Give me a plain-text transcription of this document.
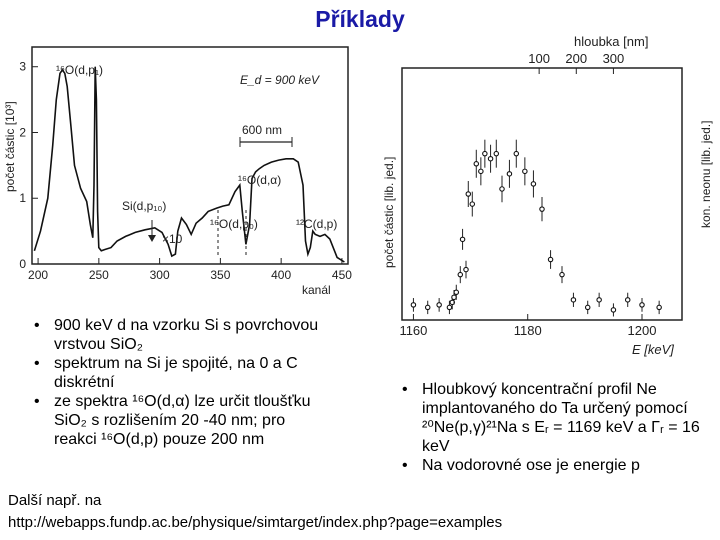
Příklady
200	250	300	350	400	450
0
1
2
3
600 nm
¹⁶O(d,p₁)
E_d = 900 keV
¹⁶O(d,α)
Si(d,p₁₀)
¹⁶O(d,p₀)	¹²C(d,p)
×10
kanál
počet částic [10³]
1160	1180	1200
100 200 300
hloubka [nm]
E [keV]
počet částic [lib. jed.]	kon. neonu [lib. jed.]
• 900 keV d na vzorku Si s povrchovou vrstvou SiO₂
• spektrum na Si je spojité, na 0 a C diskrétní
• ze spektra ¹⁶O(d,α) lze určit tloušťku SiO₂ s rozlišením 20 -40 nm; pro reakci ¹⁶O(d,p) pouze 200 nm
• Hloubkový koncentrační profil Ne implantovaného do Ta určený pomocí ²⁰Ne(p,γ)²¹Na s Eᵣ = 1169 keV a Γᵣ = 16 keV
• Na vodorovné ose je energie p
Další např. na
http://webapps.fundp.ac.be/physique/simtarget/index.php?page=examples
